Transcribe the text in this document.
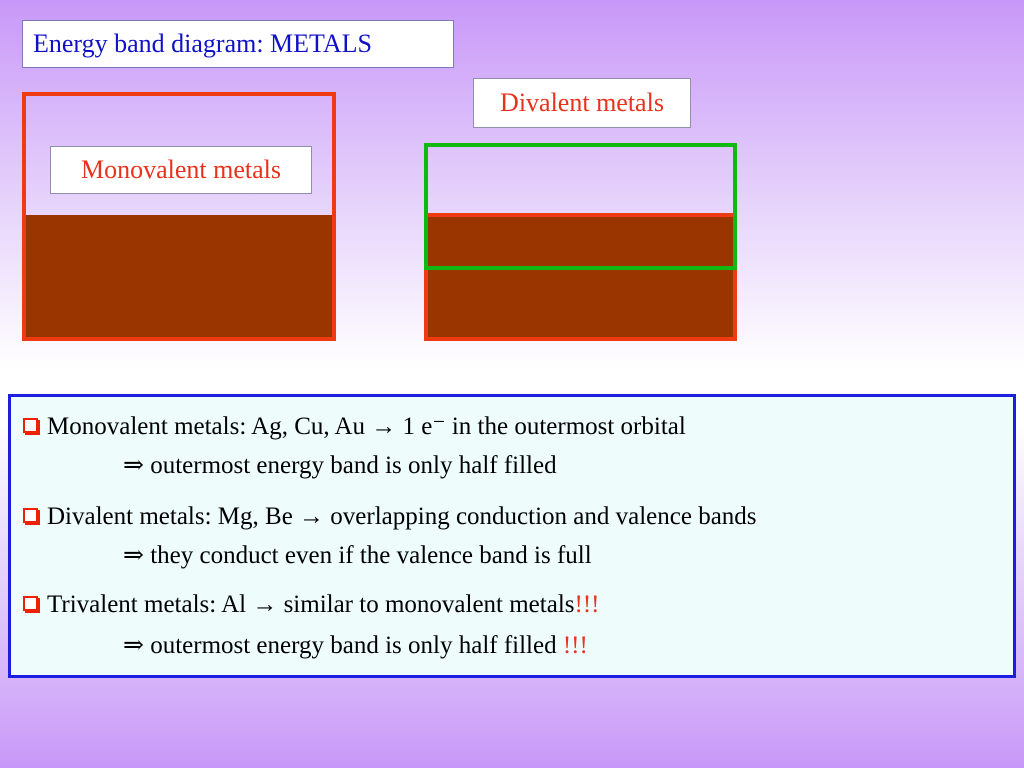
Energy band diagram: METALS
Monovalent metals
Divalent metals
Monovalent metals: Ag, Cu, Au → 1 e⁻ in the outermost orbital
⇒ outermost energy band is only half filled
Divalent metals: Mg, Be → overlapping conduction and valence bands
⇒ they conduct even if the valence band is full
Trivalent metals: Al → similar to monovalent metals!!!
⇒ outermost energy band is only half filled !!!
